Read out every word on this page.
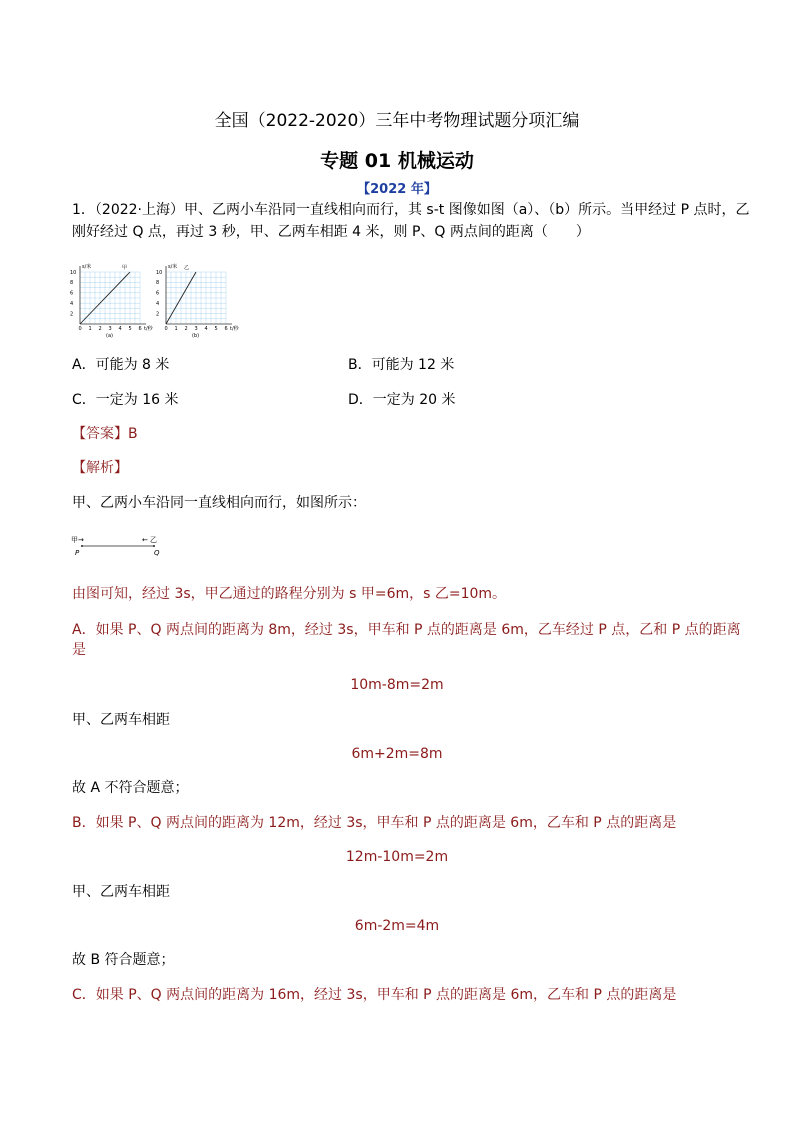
全国（2022-2020）三年中考物理试题分项汇编
专题 01 机械运动
【2022 年】
1．（2022·上海）甲、乙两小车沿同一直线相向而行，其 s-t 图像如图（a）、（b）所示。当甲经过 P 点时，乙
刚好经过 Q 点，再过 3 秒，甲、乙两车相距 4 米，则 P、Q 两点间的距离（　　）
s/米
t/秒
甲
(a)
10
8
6
4
2
0 1 2 3 4 5 6
s/米
t/秒
乙
(b)
10
8
6
4
2
0 1 2 3 4 5 6
A．可能为 8 米	B．可能为 12 米
C．一定为 16 米	D．一定为 20 米
【答案】B
【解析】
甲、乙两小车沿同一直线相向而行，如图所示：
甲 →	← 乙
P	Q
由图可知，经过 3s，甲乙通过的路程分别为 s 甲=6m，s 乙=10m。
A．如果 P、Q 两点间的距离为 8m，经过 3s，甲车和 P 点的距离是 6m，乙车经过 P 点，乙和 P 点的距离
是
10m-8m=2m
甲、乙两车相距
6m+2m=8m
故 A 不符合题意；
B．如果 P、Q 两点间的距离为 12m，经过 3s，甲车和 P 点的距离是 6m，乙车和 P 点的距离是
12m-10m=2m
甲、乙两车相距
6m-2m=4m
故 B 符合题意；
C．如果 P、Q 两点间的距离为 16m，经过 3s，甲车和 P 点的距离是 6m，乙车和 P 点的距离是
